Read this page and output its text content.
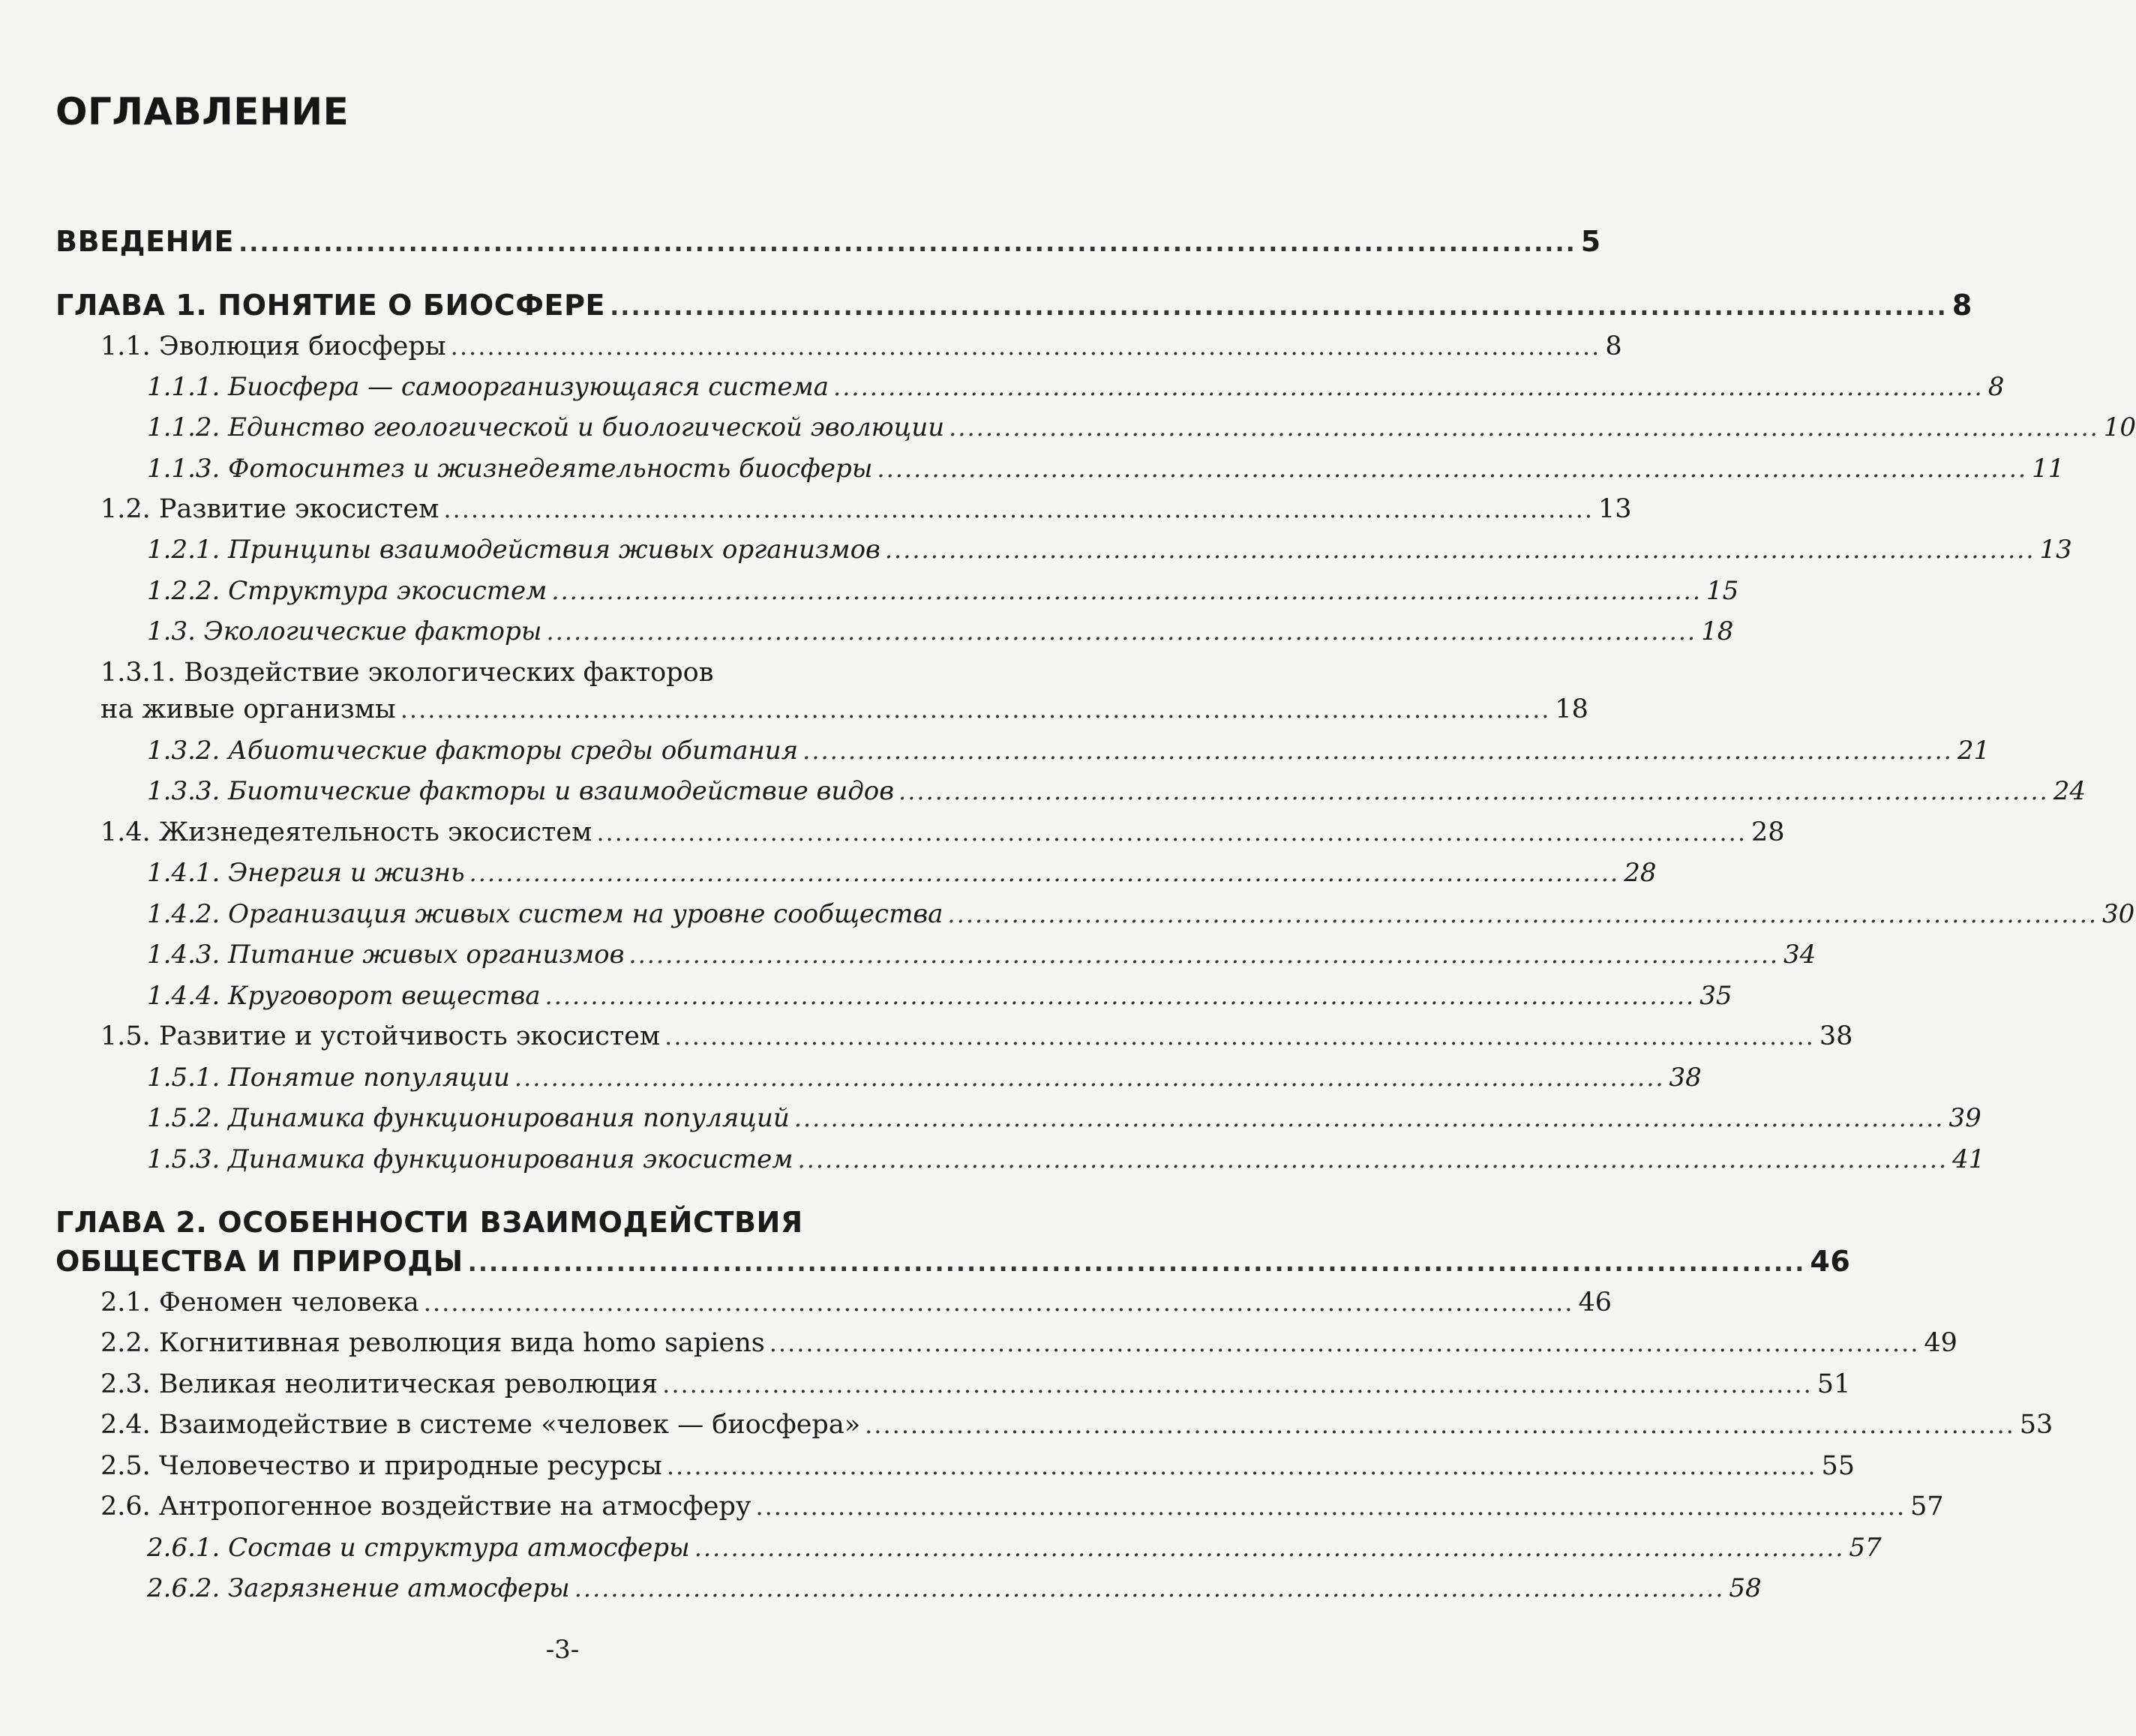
ОГЛАВЛЕНИЕ
ВВЕДЕНИЕ .............................................................................................................................. 5
ГЛАВА 1. ПОНЯТИЕ О БИОСФЕРЕ .............................................................................................................................. 8
1.1. Эволюция биосферы .............................................................................................................................. 8
1.1.1. Биосфера — самоорганизующаяся система .............................................................................................................................. 8
1.1.2. Единство геологической и биологической эволюции .............................................................................................................................. 10
1.1.3. Фотосинтез и жизнедеятельность биосферы .............................................................................................................................. 11
1.2. Развитие экосистем .............................................................................................................................. 13
1.2.1. Принципы взаимодействия живых организмов .............................................................................................................................. 13
1.2.2. Структура экосистем .............................................................................................................................. 15
1.3. Экологические факторы .............................................................................................................................. 18
1.3.1. Воздействие экологических факторов
на живые организмы .............................................................................................................................. 18
1.3.2. Абиотические факторы среды обитания .............................................................................................................................. 21
1.3.3. Биотические факторы и взаимодействие видов .............................................................................................................................. 24
1.4. Жизнедеятельность экосистем .............................................................................................................................. 28
1.4.1. Энергия и жизнь .............................................................................................................................. 28
1.4.2. Организация живых систем на уровне сообщества .............................................................................................................................. 30
1.4.3. Питание живых организмов .............................................................................................................................. 34
1.4.4. Круговорот вещества .............................................................................................................................. 35
1.5. Развитие и устойчивость экосистем .............................................................................................................................. 38
1.5.1. Понятие популяции .............................................................................................................................. 38
1.5.2. Динамика функционирования популяций .............................................................................................................................. 39
1.5.3. Динамика функционирования экосистем .............................................................................................................................. 41
ГЛАВА 2. ОСОБЕННОСТИ ВЗАИМОДЕЙСТВИЯ
ОБЩЕСТВА И ПРИРОДЫ .............................................................................................................................. 46
2.1. Феномен человека .............................................................................................................................. 46
2.2. Когнитивная революция вида homo sapiens .............................................................................................................................. 49
2.3. Великая неолитическая революция .............................................................................................................................. 51
2.4. Взаимодействие в системе «человек — биосфера» .............................................................................................................................. 53
2.5. Человечество и природные ресурсы .............................................................................................................................. 55
2.6. Антропогенное воздействие на атмосферу .............................................................................................................................. 57
2.6.1. Состав и структура атмосферы .............................................................................................................................. 57
2.6.2. Загрязнение атмосферы .............................................................................................................................. 58
-3-
